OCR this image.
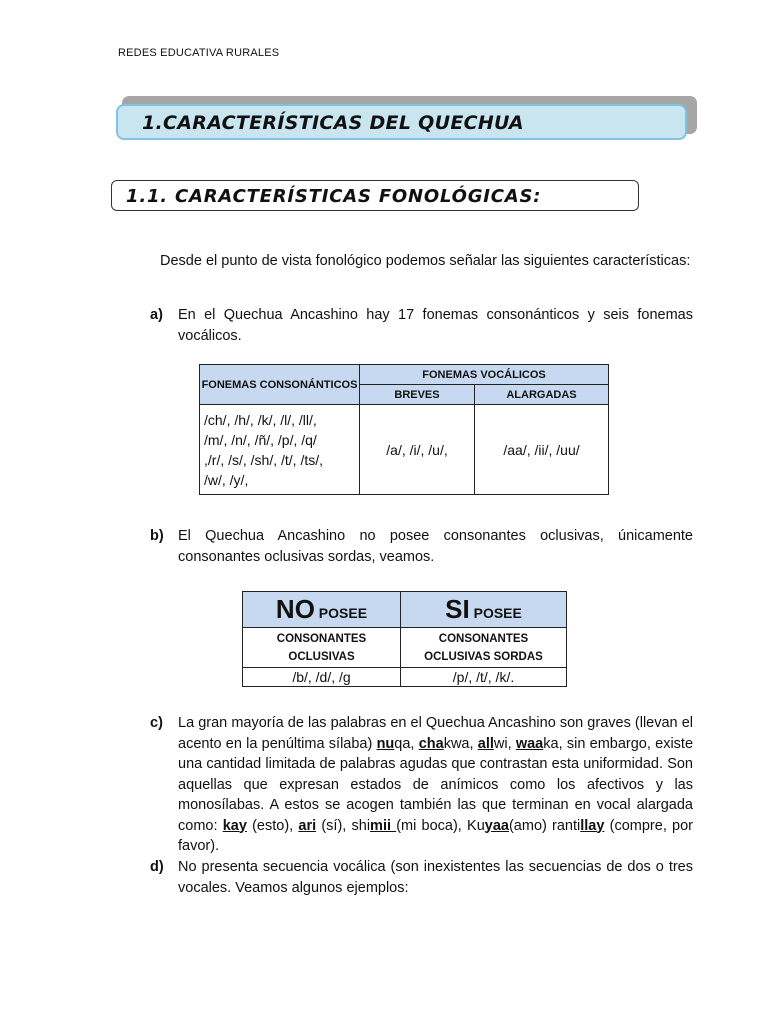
REDES EDUCATIVA RURALES
1.CARACTERÍSTICAS DEL QUECHUA
1.1. CARACTERÍSTICAS FONOLÓGICAS:
Desde el punto de vista fonológico podemos señalar las siguientes características:
a) En el Quechua Ancashino hay 17 fonemas consonánticos y seis fonemas vocálicos.
FONEMAS CONSONÁNTICOS	FONEMAS VOCÁLICOS	
	BREVES	ALARGADAS

/ch/, /h/, /k/, /l/, /ll/,
/m/, /n/, /ñ/, /p/, /q/
,/r/, /s/, /sh/, /t/, /ts/,
/w/, /y/,	/a/, /i/, /u/,	/aa/, /ii/, /uu/
b) El Quechua Ancashino no posee consonantes oclusivas, únicamente consonantes oclusivas sordas, veamos.
NO POSEE	SI POSEE
CONSONANTES OCLUSIVAS	CONSONANTES OCLUSIVAS SORDAS
/b/, /d/, /g	/p/, /t/, /k/.
c) La gran mayoría de las palabras en el Quechua Ancashino son graves (llevan el acento en la penúltima sílaba) nuqa, chakwa, allwi, waaka, sin embargo, existe una cantidad limitada de palabras agudas que contrastan esta uniformidad. Son aquellas que expresan estados de anímicos como los afectivos y las monosílabas. A estos se acogen también las que terminan en vocal alargada como: kay (esto), ari (sí), shimii (mi boca), Kuyaa(amo) rantillay (compre, por favor).
d) No presenta secuencia vocálica (son inexistentes las secuencias de dos o tres vocales. Veamos algunos ejemplos:
